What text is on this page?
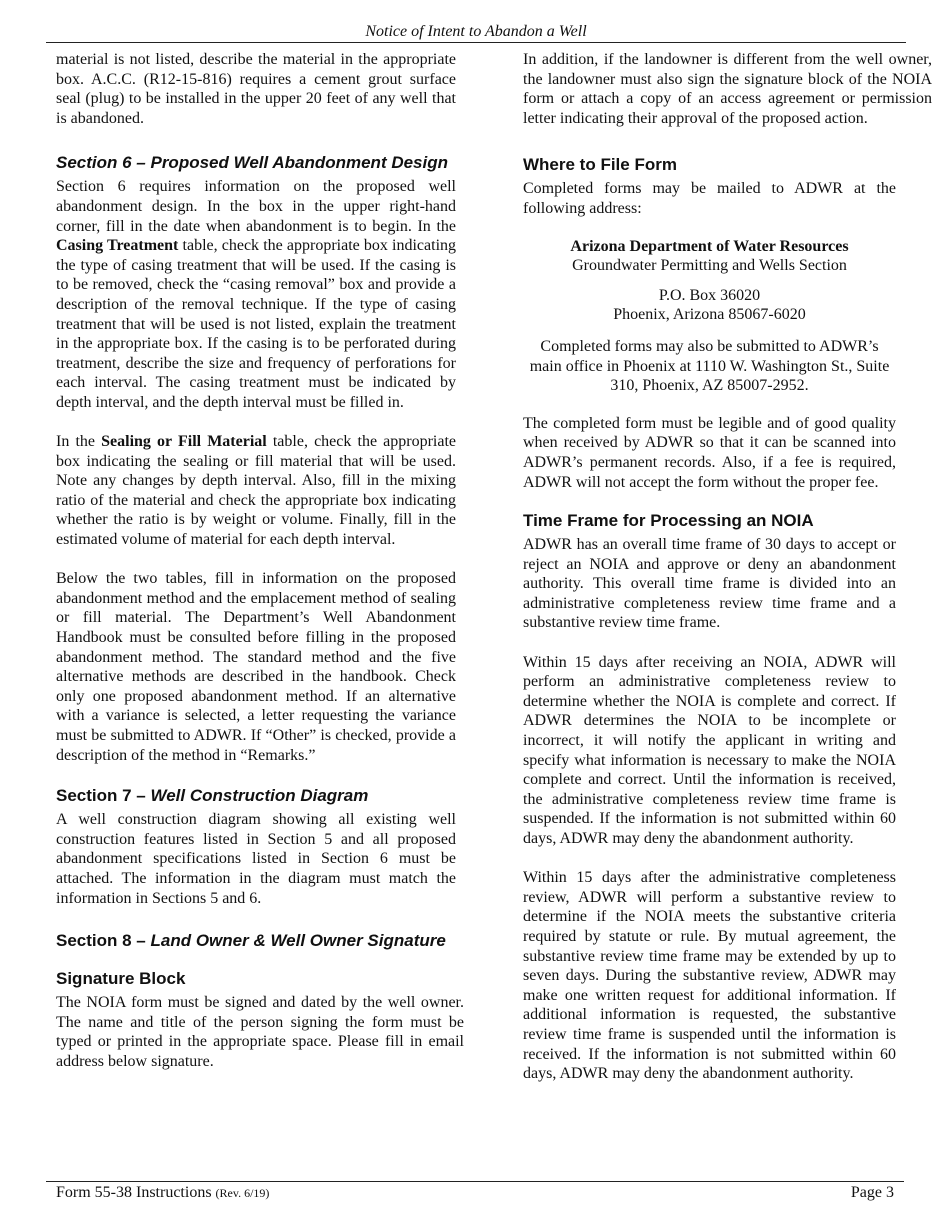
Notice of Intent to Abandon a Well

material is not listed, describe the material in the appropriate box. A.C.C. (R12-15-816) requires a cement grout surface seal (plug) to be installed in the upper 20 feet of any well that is abandoned.

Section 6 – Proposed Well Abandonment Design

Section 6 requires information on the proposed well abandonment design. In the box in the upper right-hand corner, fill in the date when abandonment is to begin. In the Casing Treatment table, check the appropriate box indicating the type of casing treatment that will be used. If the casing is to be removed, check the “casing removal” box and provide a description of the removal technique. If the type of casing treatment that will be used is not listed, explain the treatment in the appropriate box. If the casing is to be perforated during treatment, describe the size and frequency of perforations for each interval. The casing treatment must be indicated by depth interval, and the depth interval must be filled in.

In the Sealing or Fill Material table, check the appropriate box indicating the sealing or fill material that will be used. Note any changes by depth interval. Also, fill in the mixing ratio of the material and check the appropriate box indicating whether the ratio is by weight or volume. Finally, fill in the estimated volume of material for each depth interval.

Below the two tables, fill in information on the proposed abandonment method and the emplacement method of sealing or fill material. The Department’s Well Abandonment Handbook must be consulted before filling in the proposed abandonment method. The standard method and the five alternative methods are described in the handbook. Check only one proposed abandonment method. If an alternative with a variance is selected, a letter requesting the variance must be submitted to ADWR. If “Other” is checked, provide a description of the method in “Remarks.”

Section 7 – Well Construction Diagram

A well construction diagram showing all existing well construction features listed in Section 5 and all proposed abandonment specifications listed in Section 6 must be attached. The information in the diagram must match the information in Sections 5 and 6.

Section 8 – Land Owner & Well Owner Signature
Signature Block

The NOIA form must be signed and dated by the well owner. The name and title of the person signing the form must be typed or printed in the appropriate space. Please fill in email address below signature.

In addition, if the landowner is different from the well owner, the landowner must also sign the signature block of the NOIA form or attach a copy of an access agreement or permission letter indicating their approval of the proposed action.

Where to File Form

Completed forms may be mailed to ADWR at the following address:

Arizona Department of Water Resources
Groundwater Permitting and Wells Section
P.O. Box 36020
Phoenix, Arizona 85067-6020

Completed forms may also be submitted to ADWR’s main office in Phoenix at 1110 W. Washington St., Suite 310, Phoenix, AZ 85007-2952.

The completed form must be legible and of good quality when received by ADWR so that it can be scanned into ADWR’s permanent records. Also, if a fee is required, ADWR will not accept the form without the proper fee.

Time Frame for Processing an NOIA

ADWR has an overall time frame of 30 days to accept or reject an NOIA and approve or deny an abandonment authority. This overall time frame is divided into an administrative completeness review time frame and a substantive review time frame.

Within 15 days after receiving an NOIA, ADWR will perform an administrative completeness review to determine whether the NOIA is complete and correct. If ADWR determines the NOIA to be incomplete or incorrect, it will notify the applicant in writing and specify what information is necessary to make the NOIA complete and correct. Until the information is received, the administrative completeness review time frame is suspended. If the information is not submitted within 60 days, ADWR may deny the abandonment authority.

Within 15 days after the administrative completeness review, ADWR will perform a substantive review to determine if the NOIA meets the substantive criteria required by statute or rule. By mutual agreement, the substantive review time frame may be extended by up to seven days. During the substantive review, ADWR may make one written request for additional information. If additional information is requested, the substantive review time frame is suspended until the information is received. If the information is not submitted within 60 days, ADWR may deny the abandonment authority.

Form 55-38 Instructions (Rev. 6/19)	Page 3
